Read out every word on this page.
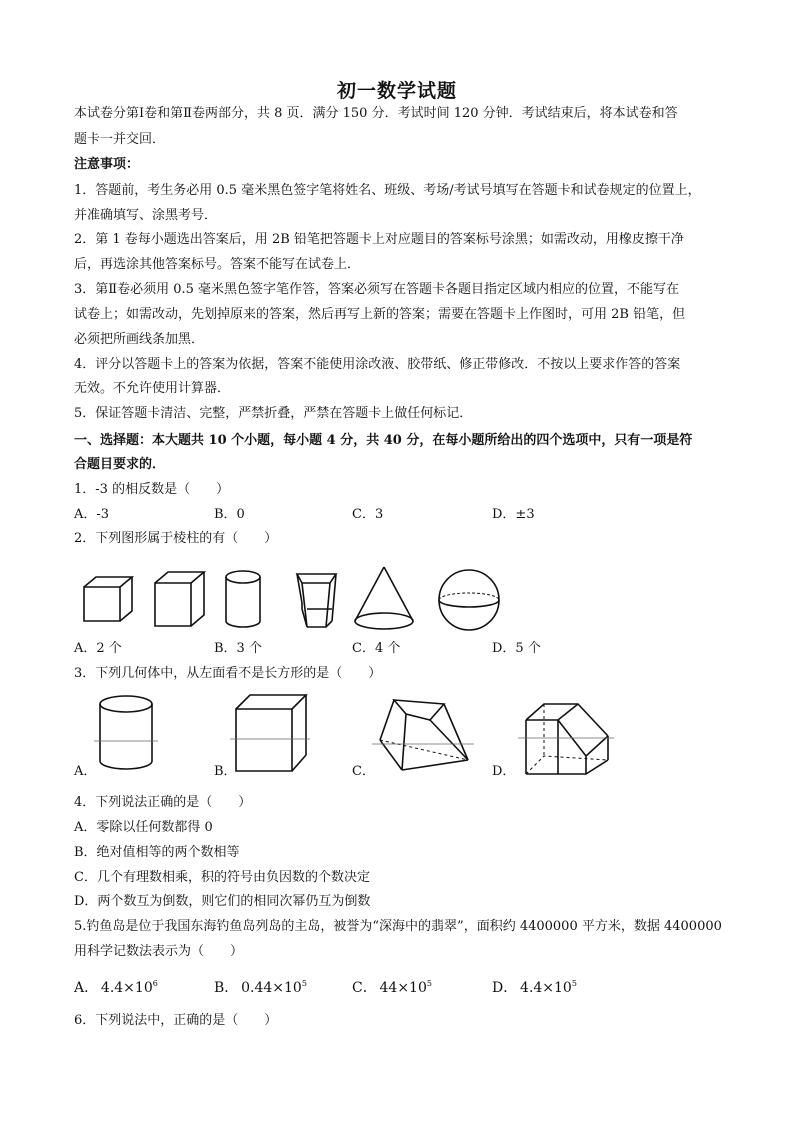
初一数学试题
本试卷分第Ⅰ卷和第Ⅱ卷两部分，共 8 页．满分 150 分．考试时间 120 分钟．考试结束后，将本试卷和答
题卡一并交回．
注意事项：
1．答题前，考生务必用 0.5 毫米黑色签字笔将姓名、班级、考场/考试号填写在答题卡和试卷规定的位置上，
并准确填写、涂黑考号．
2．第 1 卷每小题选出答案后，用 2B 铅笔把答题卡上对应题目的答案标号涂黑；如需改动，用橡皮擦干净
后，再选涂其他答案标号。答案不能写在试卷上．
3．第Ⅱ卷必须用 0.5 毫米黑色签字笔作答，答案必须写在答题卡各题目指定区域内相应的位置，不能写在
试卷上；如需改动，先划掉原来的答案，然后再写上新的答案；需要在答题卡上作图时，可用 2B 铅笔，但
必须把所画线条加黑．
4．评分以答题卡上的答案为依据，答案不能使用涂改液、胶带纸、修正带修改．不按以上要求作答的答案
无效。不允许使用计算器．
5．保证答题卡清洁、完整，严禁折叠，严禁在答题卡上做任何标记．
一、选择题：本大题共 10 个小题，每小题 4 分，共 40 分，在每小题所给出的四个选项中，只有一项是符
合题目要求的．
1．-3 的相反数是（　　）
A．-3	B．0	C．3	D．±3
2．下列图形属于棱柱的有（　　）
A．2 个	B．3 个	C．4 个	D．5 个
3．下列几何体中，从左面看不是长方形的是（　　）
A．	B．	C．	D．
4．下列说法正确的是（　　）
A．零除以任何数都得 0
B．绝对值相等的两个数相等
C．几个有理数相乘，积的符号由负因数的个数决定
D．两个数互为倒数，则它们的相同次幂仍互为倒数
5.钓鱼岛是位于我国东海钓鱼岛列岛的主岛，被誉为“深海中的翡翠”，面积约 4400000 平方米，数据 4400000
用科学记数法表示为（　　）
A．  $4.4\times 10^6$	B．  $0.44\times 10^5$	C．  $44\times 10^5$	D．  $4.4\times 10^5$
6．下列说法中，正确的是（　　）
